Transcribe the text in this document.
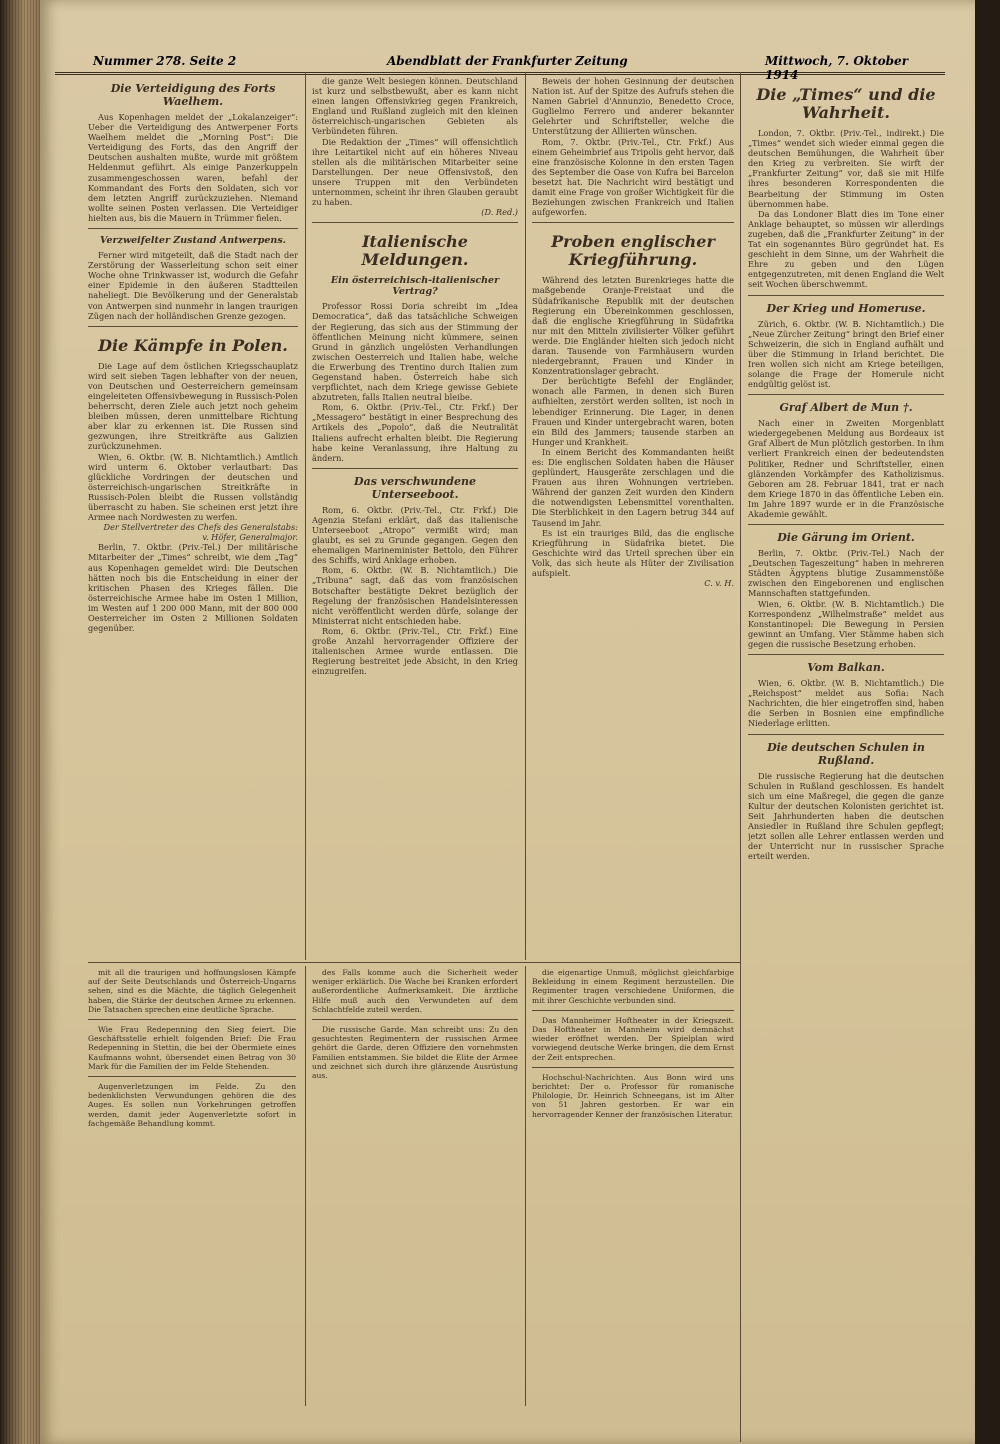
Nummer 278. Seite 2	Abendblatt der Frankfurter Zeitung	Mittwoch, 7. Oktober 1914
Die Verteidigung des Forts Waelhem.

Aus Kopenhagen meldet der „Lokalanzeiger“: Ueber die Verteidigung des Antwerpener Forts Waelhem meldet die „Morning Post“: Die Verteidigung des Forts, das den Angriff der Deutschen aushalten mußte, wurde mit größtem Heldenmut geführt. Als einige Panzerkuppeln zusammengeschossen waren, befahl der Kommandant des Forts den Soldaten, sich vor dem letzten Angriff zurückzuziehen. Niemand wollte seinen Posten verlassen. Die Verteidiger hielten aus, bis die Mauern in Trümmer fielen.

Verzweifelter Zustand Antwerpens.

Ferner wird mitgeteilt, daß die Stadt nach der Zerstörung der Wasserleitung schon seit einer Woche ohne Trinkwasser ist, wodurch die Gefahr einer Epidemie in den äußeren Stadtteilen naheliegt. Die Bevölkerung und der Generalstab von Antwerpen sind nunmehr in langen traurigen Zügen nach der holländischen Grenze gezogen.

Die Kämpfe in Polen.

Die Lage auf dem östlichen Kriegsschauplatz wird seit sieben Tagen lebhafter von der neuen, von Deutschen und Oesterreichern gemeinsam eingeleiteten Offensivbewegung in Russisch-Polen beherrscht, deren Ziele auch jetzt noch geheim bleiben müssen, deren unmittelbare Richtung aber klar zu erkennen ist. Die Russen sind gezwungen, ihre Streitkräfte aus Galizien zurückzunehmen.

Wien, 6. Oktbr. (W. B. Nichtamtlich.) Amtlich wird unterm 6. Oktober verlautbart: Das glückliche Vordringen der deutschen und österreichisch-ungarischen Streitkräfte in Russisch-Polen bleibt die Russen vollständig überrascht zu haben. Sie scheinen erst jetzt ihre Armee nach Nordwesten zu werfen.

Der Stellvertreter des Chefs des Generalstabs: v. Höfer, Generalmajor.

Berlin, 7. Oktbr. (Priv.-Tel.) Der militärische Mitarbeiter der „Times“ schreibt, wie dem „Tag“ aus Kopenhagen gemeldet wird: Die Deutschen hätten noch bis die Entscheidung in einer der kritischen Phasen des Krieges fällen. Die österreichische Armee habe im Osten 1 Million, im Westen auf 1 200 000 Mann, mit der 800 000 Oesterreicher im Osten 2 Millionen Soldaten gegenüber.

die ganze Welt besiegen können. Deutschland ist kurz und selbstbewußt, aber es kann nicht einen langen Offensivkrieg gegen Frankreich, England und Rußland zugleich mit den kleinen österreichisch-ungarischen Gebieten als Verbündeten führen.

Die Redaktion der „Times“ will offensichtlich ihre Leitartikel nicht auf ein höheres Niveau stellen als die militärischen Mitarbeiter seine Darstellungen. Der neue Offensivstoß, den unsere Truppen mit den Verbündeten unternommen, scheint ihr ihren Glauben geraubt zu haben.

(D. Red.)

Italienische Meldungen.
Ein österreichisch-italienischer Vertrag?

Professor Rossi Doria schreibt im „Idea Democratica“, daß das tatsächliche Schweigen der Regierung, das sich aus der Stimmung der öffentlichen Meinung nicht kümmere, seinen Grund in gänzlich ungelösten Verhandlungen zwischen Oesterreich und Italien habe, welche die Erwerbung des Trentino durch Italien zum Gegenstand haben. Österreich habe sich verpflichtet, nach dem Kriege gewisse Gebiete abzutreten, falls Italien neutral bleibe.

Rom, 6. Oktbr. (Priv.-Tel., Ctr. Frkf.) Der „Messagero“ bestätigt in einer Besprechung des Artikels des „Popolo“, daß die Neutralität Italiens aufrecht erhalten bleibt. Die Regierung habe keine Veranlassung, ihre Haltung zu ändern.

Das verschwundene Unterseeboot.

Rom, 6. Oktbr. (Priv.-Tel., Ctr. Frkf.) Die Agenzia Stefani erklärt, daß das italienische Unterseeboot „Atropo“ vermißt wird; man glaubt, es sei zu Grunde gegangen. Gegen den ehemaligen Marineminister Bettolo, den Führer des Schiffs, wird Anklage erhoben.

Rom, 6. Oktbr. (W. B. Nichtamtlich.) Die „Tribuna“ sagt, daß das vom französischen Botschafter bestätigte Dekret bezüglich der Regelung der französischen Handelsinteressen nicht veröffentlicht werden dürfe, solange der Ministerrat nicht entschieden habe.

Rom, 6. Oktbr. (Priv.-Tel., Ctr. Frkf.) Eine große Anzahl hervorragender Offiziere der italienischen Armee wurde entlassen. Die Regierung bestreitet jede Absicht, in den Krieg einzugreifen.

Beweis der hohen Gesinnung der deutschen Nation ist. Auf der Spitze des Aufrufs stehen die Namen Gabriel d'Annunzio, Benedetto Croce, Guglielmo Ferrero und anderer bekannter Gelehrter und Schriftsteller, welche die Unterstützung der Alliierten wünschen.

Rom, 7. Oktbr. (Priv.-Tel., Ctr. Frkf.) Aus einem Geheimbrief aus Tripolis geht hervor, daß eine französische Kolonne in den ersten Tagen des September die Oase von Kufra bei Barcelon besetzt hat. Die Nachricht wird bestätigt und damit eine Frage von großer Wichtigkeit für die Beziehungen zwischen Frankreich und Italien aufgeworfen.

Proben englischer Kriegführung.

Während des letzten Burenkrieges hatte die maßgebende Oranje-Freistaat und die Südafrikanische Republik mit der deutschen Regierung ein Übereinkommen geschlossen, daß die englische Kriegführung in Südafrika nur mit den Mitteln zivilisierter Völker geführt werde. Die Engländer hielten sich jedoch nicht daran. Tausende von Farmhäusern wurden niedergebrannt, Frauen und Kinder in Konzentrationslager gebracht.

Der berüchtigte Befehl der Engländer, wonach alle Farmen, in denen sich Buren aufhielten, zerstört werden sollten, ist noch in lebendiger Erinnerung. Die Lager, in denen Frauen und Kinder untergebracht waren, boten ein Bild des Jammers; tausende starben an Hunger und Krankheit.

In einem Bericht des Kommandanten heißt es: Die englischen Soldaten haben die Häuser geplündert, Hausgeräte zerschlagen und die Frauen aus ihren Wohnungen vertrieben. Während der ganzen Zeit wurden den Kindern die notwendigsten Lebensmittel vorenthalten. Die Sterblichkeit in den Lagern betrug 344 auf Tausend im Jahr.

Es ist ein trauriges Bild, das die englische Kriegführung in Südafrika bietet. Die Geschichte wird das Urteil sprechen über ein Volk, das sich heute als Hüter der Zivilisation aufspielt.

C. v. H.

Die „Times“ und die Wahrheit.

London, 7. Oktbr. (Priv.-Tel., indirekt.) Die „Times“ wendet sich wieder einmal gegen die deutschen Bemühungen, die Wahrheit über den Krieg zu verbreiten. Sie wirft der „Frankfurter Zeitung“ vor, daß sie mit Hilfe ihres besonderen Korrespondenten die Bearbeitung der Stimmung im Osten übernommen habe.

Da das Londoner Blatt dies im Tone einer Anklage behauptet, so müssen wir allerdings zugeben, daß die „Frankfurter Zeitung“ in der Tat ein sogenanntes Büro gegründet hat. Es geschieht in dem Sinne, um der Wahrheit die Ehre zu geben und den Lügen entgegenzutreten, mit denen England die Welt seit Wochen überschwemmt.

Der Krieg und Homeruse.

Zürich, 6. Oktbr. (W. B. Nichtamtlich.) Die „Neue Zürcher Zeitung“ bringt den Brief einer Schweizerin, die sich in England aufhält und über die Stimmung in Irland berichtet. Die Iren wollen sich nicht am Kriege beteiligen, solange die Frage der Homerule nicht endgültig gelöst ist.

Graf Albert de Mun †.

Nach einer in Zweiten Morgenblatt wiedergegebenen Meldung aus Bordeaux ist Graf Albert de Mun plötzlich gestorben. In ihm verliert Frankreich einen der bedeutendsten Politiker, Redner und Schriftsteller, einen glänzenden Vorkämpfer des Katholizismus. Geboren am 28. Februar 1841, trat er nach dem Kriege 1870 in das öffentliche Leben ein. Im Jahre 1897 wurde er in die Französische Akademie gewählt.

Die Gärung im Orient.

Berlin, 7. Oktbr. (Priv.-Tel.) Nach der „Deutschen Tageszeitung“ haben in mehreren Städten Ägyptens blutige Zusammenstöße zwischen den Eingeborenen und englischen Mannschaften stattgefunden.

Wien, 6. Oktbr. (W. B. Nichtamtlich.) Die Korrespondenz „Wilhelmstraße“ meldet aus Konstantinopel: Die Bewegung in Persien gewinnt an Umfang. Vier Stämme haben sich gegen die russische Besetzung erhoben.

Vom Balkan.

Wien, 6. Oktbr. (W. B. Nichtamtlich.) Die „Reichspost“ meldet aus Sofia: Nach Nachrichten, die hier eingetroffen sind, haben die Serben in Bosnien eine empfindliche Niederlage erlitten.

Die deutschen Schulen in Rußland.

Die russische Regierung hat die deutschen Schulen in Rußland geschlossen. Es handelt sich um eine Maßregel, die gegen die ganze Kultur der deutschen Kolonisten gerichtet ist. Seit Jahrhunderten haben die deutschen Ansiedler in Rußland ihre Schulen gepflegt; jetzt sollen alle Lehrer entlassen werden und der Unterricht nur in russischer Sprache erteilt werden.

mit all die traurigen und hoffnungslosen Kämpfe auf der Seite Deutschlands und Österreich-Ungarns sehen, sind es die Mächte, die täglich Gelegenheit haben, die Stärke der deutschen Armee zu erkennen. Die Tatsachen sprechen eine deutliche Sprache.

Wie Frau Redepenning den Sieg feiert. Die Geschäftsstelle erhielt folgenden Brief: Die Frau Redepenning in Stettin, die bei der Obermiete eines Kaufmanns wohnt, übersendet einen Betrag von 30 Mark für die Familien der im Felde Stehenden.

Augenverletzungen im Felde. Zu den bedenklichsten Verwundungen gehören die des Auges. Es sollen nun Vorkehrungen getroffen werden, damit jeder Augenverletzte sofort in fachgemäße Behandlung kommt.

des Falls komme auch die Sicherheit weder weniger erklärlich. Die Wache bei Kranken erfordert außerordentliche Aufmerksamkeit. Die ärztliche Hilfe muß auch den Verwundeten auf dem Schlachtfelde zuteil werden.

Die russische Garde. Man schreibt uns: Zu den gesuchtesten Regimentern der russischen Armee gehört die Garde, deren Offiziere den vornehmsten Familien entstammen. Sie bildet die Elite der Armee und zeichnet sich durch ihre glänzende Ausrüstung aus.

die eigenartige Unmuß, möglichst gleichfarbige Bekleidung in einem Regiment herzustellen. Die Regimenter tragen verschiedene Uniformen, die mit ihrer Geschichte verbunden sind.

Das Mannheimer Hoftheater in der Kriegszeit. Das Hoftheater in Mannheim wird demnächst wieder eröffnet werden. Der Spielplan wird vorwiegend deutsche Werke bringen, die dem Ernst der Zeit entsprechen.

Hochschul-Nachrichten. Aus Bonn wird uns berichtet: Der o. Professor für romanische Philologie, Dr. Heinrich Schneegans, ist im Alter von 51 Jahren gestorben. Er war ein hervorragender Kenner der französischen Literatur.
